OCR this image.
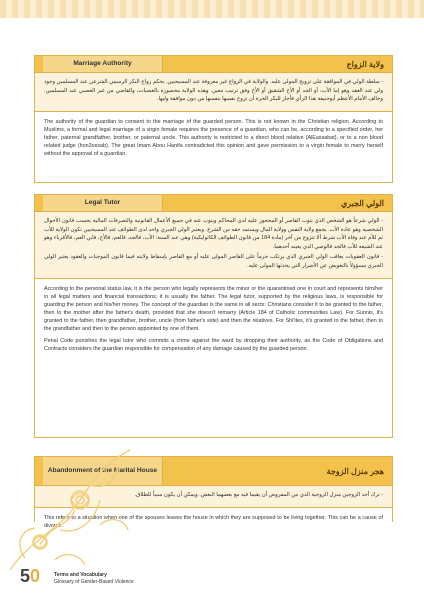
Marriage Authority	ولاية الزواج

- سلطة الولي في الموافقة على تزويج المولى عليه. والولاية في الزواج غير معروفة عند المسيحيين. يحكم زواج البكر الرسمي الشرعي عند المسلمين وجود ولي عند العقد وهو إما الأب، أو الجد أو الأخ الشقيق أو الأخ وفق ترتيب معين. وهذه الولاية محصورة بالعصبات، والقاضي من غير العصبي عند المسلمين. وخالف الأمام الأعظم أبوحنيفة هذا الرأي فأجاز للبكر الحرة أن تزوج نفسها بنفسها من دون موافقة وليها.

The authority of the guardian to consent to the marriage of the guarded person. This is not known in the Christian religion. According to Muslims, a formal and legal marriage of a virgin female requires the presence of a guardian, who can be, according to a specified order, her father, paternal grandfather, brother, or paternal uncle. This authority is restricted to a direct blood relative (AlEassabat), or to a non blood related judge (hon3ossab). The great Imam Abou Hanifa contradicted this opinion and gave permission to a virgin female to marry herself without the approval of a guardian.

Legal Tutor	الولي الجبري

- الولي شرعاً هو الشخص الذي ينوب القاصر أو المحجور عليه لدى المحاكم وينوب عنه في جميع الأعمال القانونية والتصرفات المالية بحسب قانون الأحوال الشخصية وهو عادة الأب. يجمع ولاية النفس وولاية المال ويستمد حقه من الشرع. ويعتبر الولي الجبري واحد لدى الطوائف عند المسيحيين تكون الولاية للأب ثم للأم عند وفاة الأب شرط ألا تتزوج من آخر (مادة 184 من قانون الطوائف الكاثوليكية) وهي عند السنة: الأب، فالجد، فالعم، فالأخ، فابن العم، فالأقرباء وهو عند الشيعة للأب فالجد فالوصي الذي يعينه أحدهما.

- قانون العقوبات يعاقب الولي الجبري الذي يرتكب جرماً على القاصر المولى عليه أو مع القاصر بإسقاط ولايته فيما قانون الموجبات والعقود يعتبر الولي الجبري مسؤولاً بالتعويض عن الأضرار التي يحدثها المولى عليه.

According to the personal status law, it is the person who legally represents the minor or the quarantined one in court and represents him/her in all legal matters and financial transactions; it is usually the father. The legal tutor, supported by the religious laws, is responsible for guarding the person and his/her money. The concept of the guardian is the same in all sects: Christians consider it to be granted to the father, then to the mother after the father's death, provided that she doesn't remarry (Article 184 of Catholic communities Law). For Sunnis, it's granted to the father, then grandfather, brother, uncle (from father's side) and then the relatives. For Shi'ites, it's granted to the father, then to the grandfather and then to the person appointed by one of them.

Penal Code punishes the legal tutor who commits a crime against the ward by dropping their authority, as the Code of Obligations and Contracts considers the guardian responsible for compensation of any damage caused by the guarded person.

Abandonment of the Marital House	هجر منزل الزوجة

- ترك أحد الزوجين منزل الزوجية الذي من المفروض أن يقيما فيه مع بعضهما البعض. ويمكن أن يكون سبباً للطلاق.

This refers to a situation when one of the spouses leaves the house in which they are supposed to be living together. This can be a cause of divorce.

50	Terms and Vocabulary
Glossary of Gender-Based Violence
